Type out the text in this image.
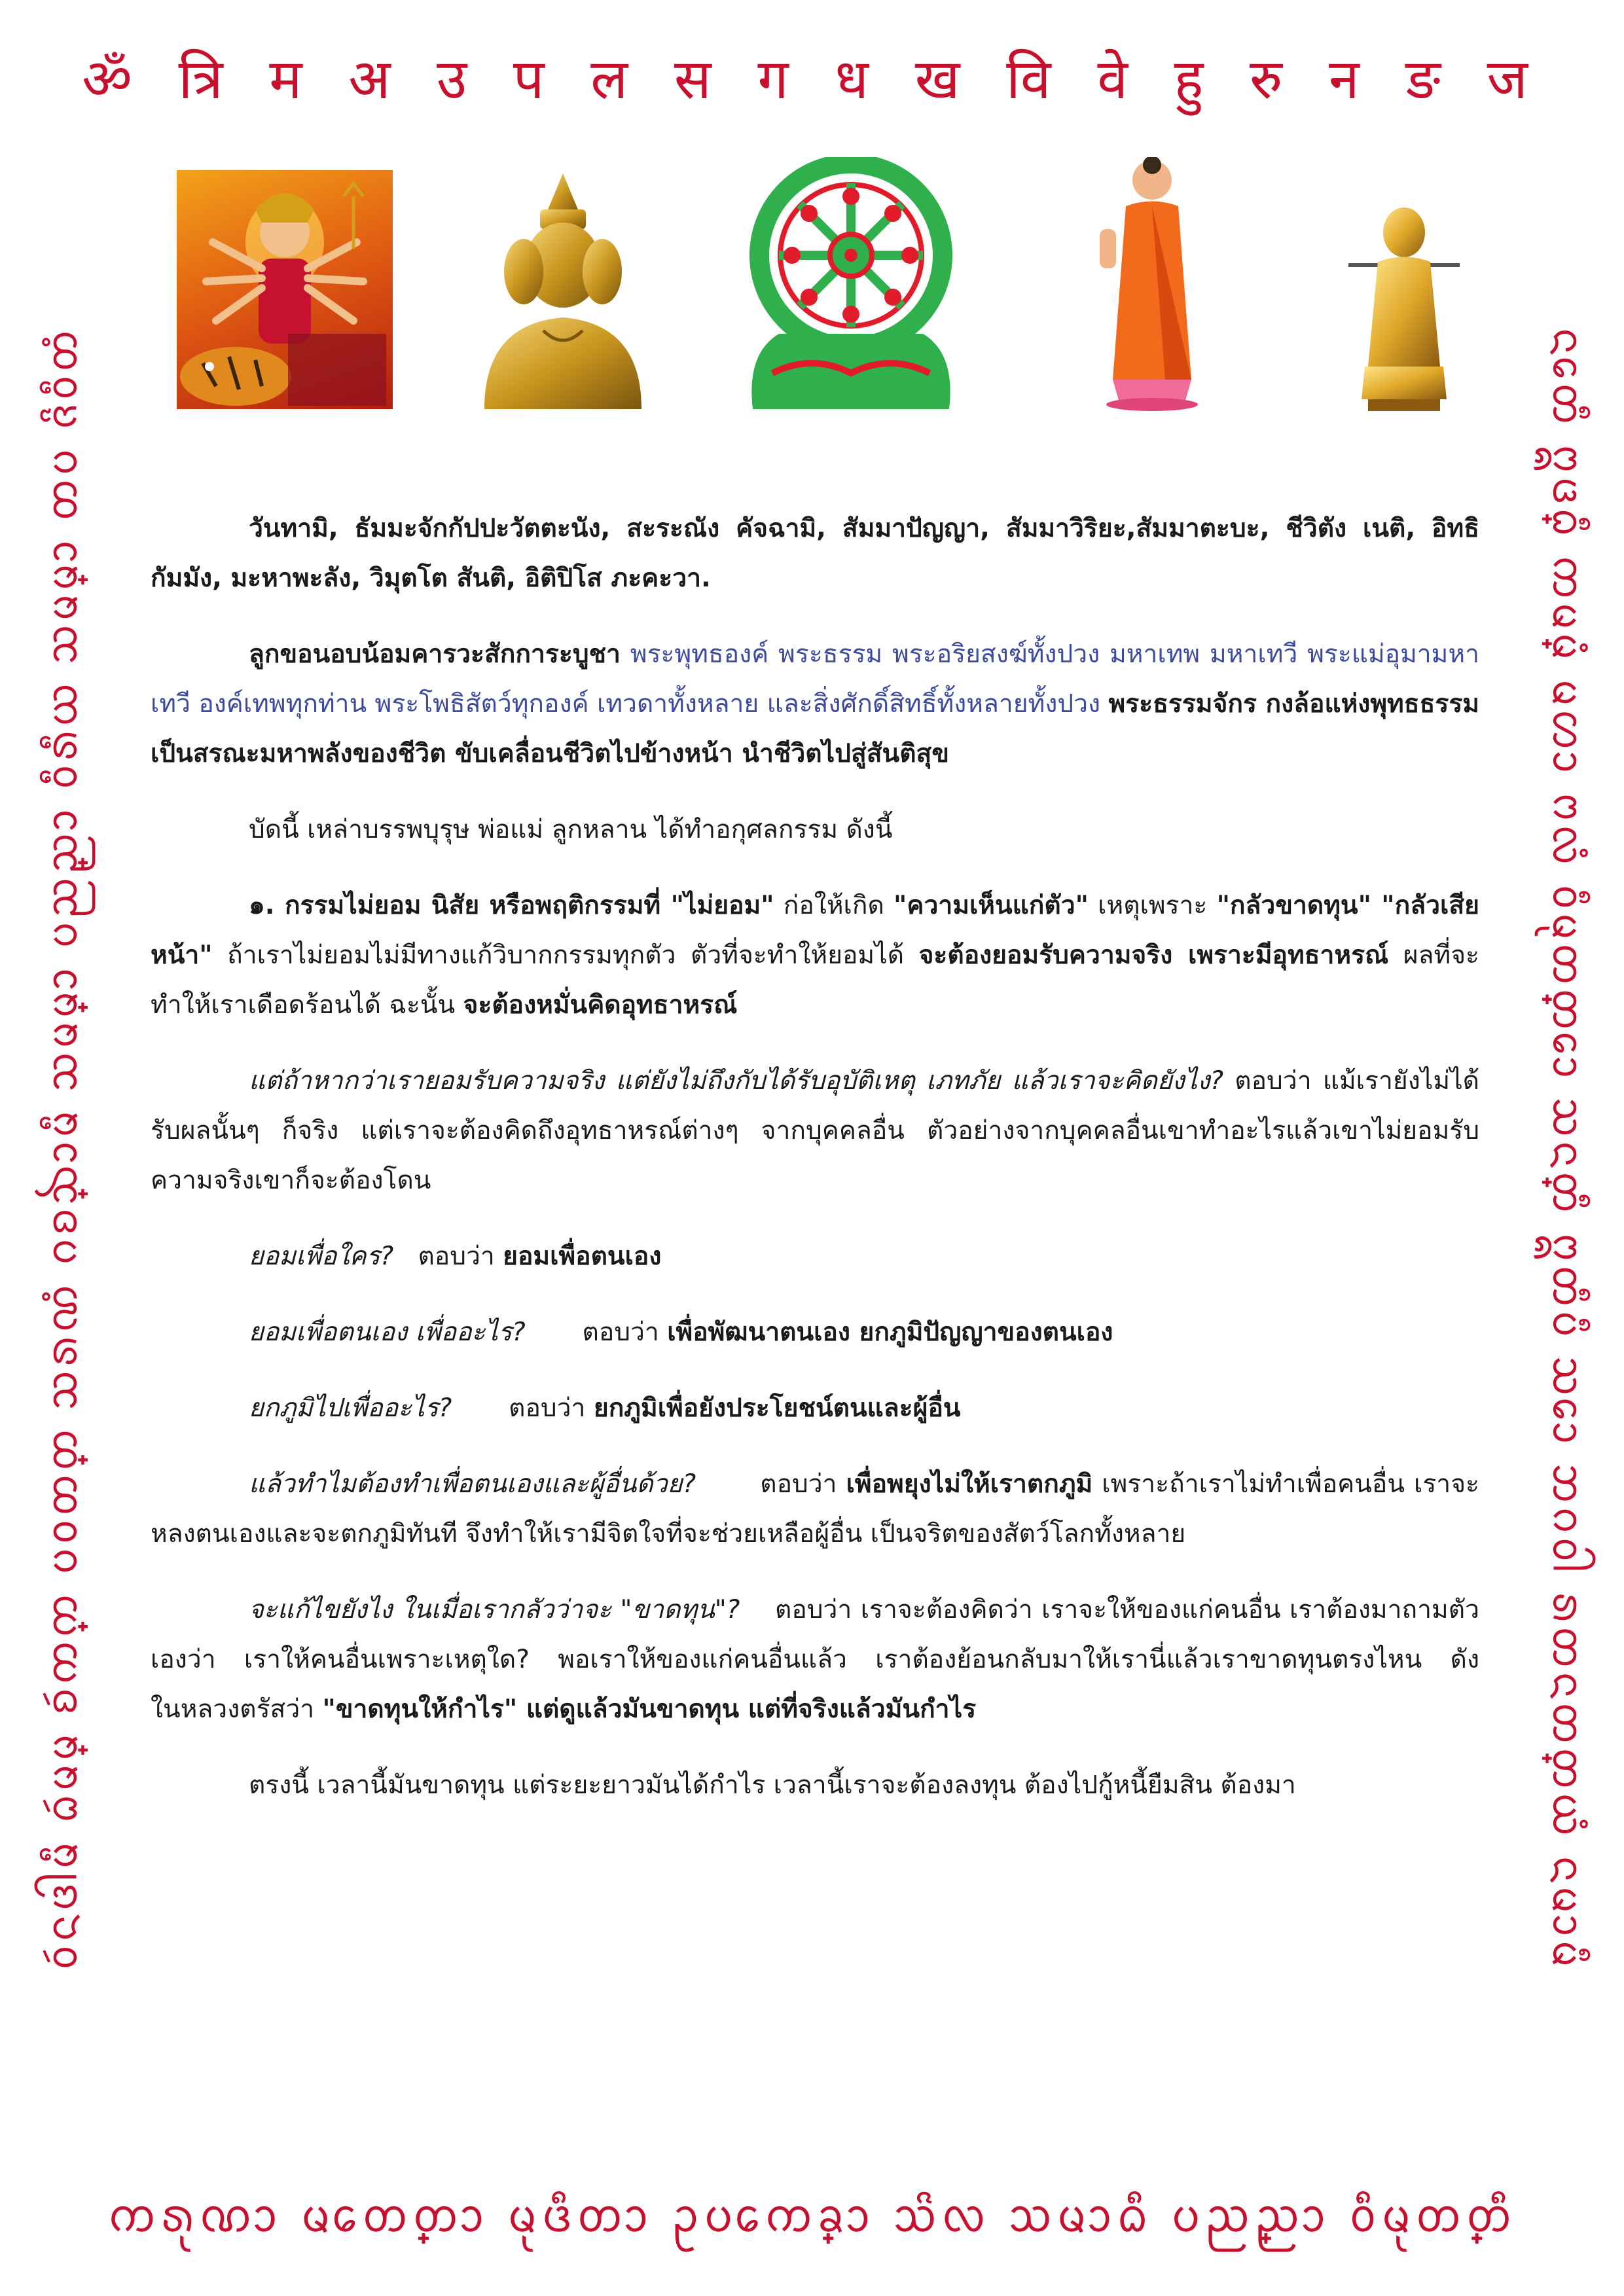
ॐ त्रि म अ उ प ल स ग ध ख वि वे हु रु न ङ ज
ᩅᩢᨶᨴᩤᨾᩥ ᨵᩢᨾ᩠ᨾ ᨧᩢᨠ᩠ᨠ ᨷᩅᨲ᩠ᨲ ᩈᩁᨱᩴ ᨣᨧ᩠ᨨᩣᨾᩥ ᩈᨾ᩠ᨾᩣ ᨷᨬ᩠ᨬᩣ ᩅᩥᩁᩥᨿ ᩈᨾ᩠ᨾᩣ ᨲᨷ ᨩᩦᩅᩥᨲᩴ	ᨶᩮᨲᩥ ᩍᨴ᩠ᨵᩥ ᨠᨾ᩠ᨾᩴ ᨾᩉᩣ ᨻᩃᩴ ᩅᩥᨾᩩᨲ᩠ᨲᩮᩣ ᩈᨶ᩠ᨲᩥ ᩍᨲᩥᨷᩥ ᩈᩮᩣ ᨽᨣᩅᩤ ᩁᨲᨶᨲ᩠ᨲᨿᩴ ᨶᨾᩣᨾᩥ
ᨠᩁᩩᨱᩣ ᨾᩮᨲ᩠ᨲᩣ ᨾᩩᨴᩥᨲᩣ ᩏᨷᩮᨠ᩠ᨡᩣ ᩈᩦᩃ ᩈᨾᩣᨵᩥ ᨷᨬ᩠ᨬᩣ ᩅᩥᨾᩩᨲ᩠ᨲᩥ

วันทามิ, ธัมมะจักกัปปะวัตตะนัง, สะระณัง คัจฉามิ, สัมมาปัญญา, สัมมาวิริยะ,สัมมาตะบะ, ชีวิตัง เนติ, อิทธิ กัมมัง, มะหาพะลัง, วิมุตโต สันติ, อิติปิโส ภะคะวา.

ลูกขอนอบน้อมคารวะสักการะบูชา พระพุทธองค์ พระธรรม พระอริยสงฆ์ทั้งปวง มหาเทพ มหาเทวี พระแม่อุมามหาเทวี องค์เทพทุกท่าน พระโพธิสัตว์ทุกองค์ เทวดาทั้งหลาย และสิ่งศักดิ์สิทธิ์ทั้งหลายทั้งปวง พระธรรมจักร กงล้อแห่งพุทธธรรม เป็นสรณะมหาพลังของชีวิต ขับเคลื่อนชีวิตไปข้างหน้า นำชีวิตไปสู่สันติสุข

บัดนี้ เหล่าบรรพบุรุษ พ่อแม่ ลูกหลาน ได้ทำอกุศลกรรม ดังนี้

๑. กรรมไม่ยอม นิสัย หรือพฤติกรรมที่ "ไม่ยอม" ก่อให้เกิด "ความเห็นแก่ตัว" เหตุเพราะ "กลัวขาดทุน" "กลัวเสียหน้า" ถ้าเราไม่ยอมไม่มีทางแก้วิบากกรรมทุกตัว ตัวที่จะทำให้ยอมได้ จะต้องยอมรับความจริง เพราะมีอุทธาหรณ์ ผลที่จะทำให้เราเดือดร้อนได้ ฉะนั้น จะต้องหมั่นคิดอุทธาหรณ์

แต่ถ้าหากว่าเรายอมรับความจริง แต่ยังไม่ถึงกับได้รับอุบัติเหตุ เภทภัย แล้วเราจะคิดยังไง? ตอบว่า แม้เรายังไม่ได้รับผลนั้นๆ ก็จริง แต่เราจะต้องคิดถึงอุทธาหรณ์ต่างๆ จากบุคคลอื่น ตัวอย่างจากบุคคลอื่นเขาทำอะไรแล้วเขาไม่ยอมรับความจริงเขาก็จะต้องโดน

ยอมเพื่อใคร? ตอบว่า ยอมเพื่อตนเอง

ยอมเพื่อตนเอง เพื่ออะไร? ตอบว่า เพื่อพัฒนาตนเอง ยกภูมิปัญญาของตนเอง

ยกภูมิไปเพื่ออะไร? ตอบว่า ยกภูมิเพื่อยังประโยชน์ตนและผู้อื่น

แล้วทำไมต้องทำเพื่อตนเองและผู้อื่นด้วย?	ตอบว่า เพื่อพยุงไม่ให้เราตกภูมิ เพราะถ้าเราไม่ทำเพื่อคนอื่น เราจะหลงตนเองและจะตกภูมิทันที จึงทำให้เรามีจิตใจที่จะช่วยเหลือผู้อื่น เป็นจริตของสัตว์โลกทั้งหลาย

จะแก้ไขยังไง ในเมื่อเรากลัวว่าจะ "ขาดทุน"? ตอบว่า เราจะต้องคิดว่า เราจะให้ของแก่คนอื่น เราต้องมาถามตัวเองว่า เราให้คนอื่นเพราะเหตุใด? พอเราให้ของแก่คนอื่นแล้ว เราต้องย้อนกลับมาให้เรานี่แล้วเราขาดทุนตรงไหน ดังในหลวงตรัสว่า "ขาดทุนให้กำไร" แต่ดูแล้วมันขาดทุน แต่ที่จริงแล้วมันกำไร

ตรงนี้ เวลานี้มันขาดทุน แต่ระยะยาวมันได้กำไร เวลานี้เราจะต้องลงทุน ต้องไปกู้หนี้ยืมสิน ต้องมา
